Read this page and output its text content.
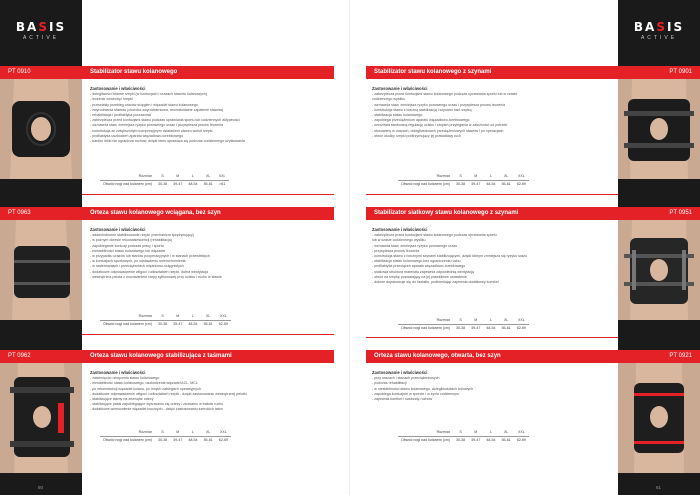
BASIS
ACTIVE
PT 0910	Stabilizator stawu kolanowego
Zastosowanie i właściwości
- dolegliwości bólowe rzepki (w kontuzjach i urazach stawów kolanowych)
- leczenie zwichnięć rzepki
- przewlekły przebieg urazów ścięgien i więzadeł stawu kolanowego
- zwyrodnienia stawów (choroba zwyrodnieniowa, reumatoidalne zapalenie stawów)
- rehabilitacja i profilaktyka pourazowa
- zabezpiecza przed kontuzjami stawu podczas uprawiania sportu lub codziennych aktywności
- wzmacnia staw, zmniejsza ryzyko ponownego urazu i przyspiesza proces leczenia
- konstrukcja ze zwiększonym kompresyjnym działaniem otworu wokół rzepki
- profilaktyka uszkodzeń aparatu więzadłowo-torebkowego
- bardzo lekki nie ogranicza ruchów, dzięki temu sprawdza się podczas codziennego użytkowania
Rozmiar	S	M	L	XL	XXL
Obwód nogi nad kolanem (cm)	30-38	39-47	48-54	55-61	>61
PT 0963	Orteza stawu kolanowego wciągana, bez szyn
Zastosowanie i właściwości
- wszechstronne stabilizowanie rzepki (mechanizm sprężynujący)
- w późnym okresie rekonwalescencji (rehabilitacja)
- zapobieganie kontuzji podczas pracy i sportu
- niestabilności stawu kolanowego lub więzadeł
- w przypadku urazów lub stanów pooperacyjnych i w stanach przewlekłych
- w kontuzjach sportowych, po odstawieniu unieruchomienia
- w naderwaniach i przeciążeniach mięśniowo-ścięgnistych
- dodatkowe odprowadzenie wilgoci i odkształceń rzepki, dobra wentylacja
- wewnętrzna pelota z mocowaniem rzepy sylikonowej przy ucisku i ruchu w stawie
Rozmiar	S	M	L	XL	XXL
Obwód nogi nad kolanem (cm)	30-38	39-47	48-54	55-61	62-69
PT 0962	Orteza stawu kolanowego stabilizująca z taśmami
Zastosowanie i właściwości
- zwichnięcia i skręcenia stawu kolanowego
- niestabilność stawu kolanowego, uszkodzenia więzadeł ACL, MCL
- po rekonstrukcji więzadeł kolana, po innych zabiegach operacyjnych
- dodatkowe odprowadzenie wilgoci i odkształceń rzepki - dzięki zastosowaniu wewnętrznej pelotki
- stabilizujące taśmy na zewnątrz ortezy
- stabilizujące paski zapobiegające wysuwaniu się ortezy i zsuwaniu w trakcie ruchu
- dodatkowe wzmocnienie więzadeł bocznych - dzięki zastosowaniu szerokich taśm
Rozmiar	S	M	L	XL	XXL
Obwód nogi nad kolanem (cm)	30-38	39-47	48-54	55-61	62-69
60
BASIS
ACTIVE
Stabilizator stawu kolanowego z szynami	PT 0901
Zastosowanie i właściwości
- zabezpiecza przed kontuzjami stawu kolanowego podczas uprawiania sportu lub w czasie
codziennego wysiłku
- wzmacnia staw, zmniejsza ryzyko ponownego urazu i przyspiesza proces leczenia
- konstrukcja stawu z boczną stabilizacją i szynami nad rzepką
- stabilizacja stawu kolanowego
- zapobiega przeciążeniom aparatu więzadłowo-torebkowego
- umożliwia swobodną regulację ucisku i stopień przylegania w zależności od potrzeb
- stosowany w urazach, dolegliwościach przeciążeniowych stawów i po operacjach
- otwór okolicy rzepki podtrzymujący jej prawidłowy ruch
Rozmiar	S	M	L	XL	XXL
Obwód nogi nad kolanem (cm)	30-38	39-47	48-54	55-61	62-69
Stabilizator siatkowy stawu kolanowego z szynami	PT 0951
Zastosowanie i właściwości
- zabezpiecza przed kontuzjami stawu kolanowego podczas uprawiania sportu
lub w czasie codziennego wysiłku
- wzmacnia staw, zmniejsza ryzyko ponownego urazu
- przyspiesza proces leczenia
- konstrukcja stawu z bocznymi szynami stabilizującymi, dzięki którym zmniejsza się ryzyko urazu
- stabilizacja stawu kolanowego bez ograniczenia ruchu
- profilaktyka przeciążeń aparatu więzadłowo-torebkowego
- siatkowa struktura materiału zapewnia odpowiednią wentylację
- otwór na rzepkę pozwalający na jej prawidłowe ustawienie
- dobrze dopasowuje się do kształtu, podkreślając zapewnia dodatkowy komfort
Rozmiar	S	M	L	XL	XXL
Obwód nogi nad kolanem (cm)	30-38	39-47	48-54	55-61	62-69
Orteza stawu kolanowego, otwarta, bez szyn	PT 0921
Zastosowanie i właściwości
- przy urazach i stanach przeciążeniowych
- podczas rehabilitacji
- w niestabilności stawu kolanowego, dolegliwościach bólowych
- zapobiega kontuzjom w sporcie i w życiu codziennym
- zapewnia komfort i swobodę ruchów
Rozmiar	S	M	L	XL	XXL
Obwód nogi nad kolanem (cm)	30-38	39-47	48-54	55-61	62-69
61
